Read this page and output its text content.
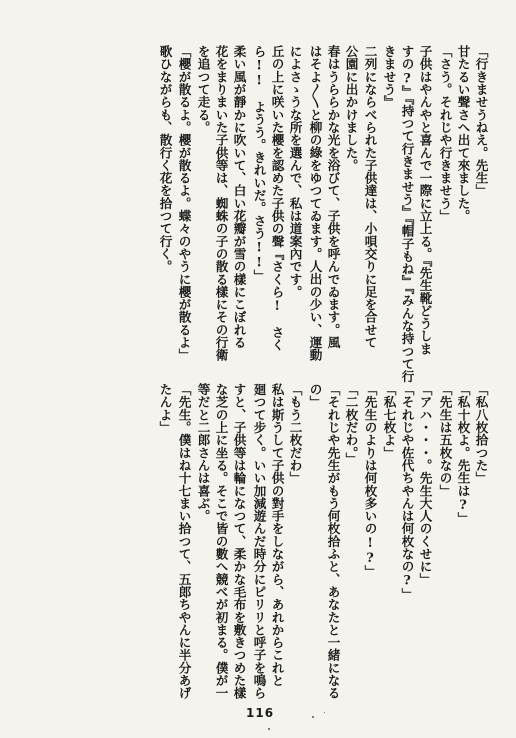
「行きませうねえ。先生」
甘たるい聲さへ出て來ました。
「さう。それじや行きませう」
子供はやんやと喜んで一際に立上る。『先生靴どうしま
すの?』『持つて行きませう』『帽子もね』『みんな持つて行
きませう』
二列にならべられた子供達は、小唄交りに足を合せて
公園に出かけました。
春はうららかな光を浴びて、子供を呼んでゐます。風
はそよ〳〵と柳の綠をゆつてゐます。人出の少い、運動
によさゝうな所を選んで、私は道案內です。
丘の上に咲いた櫻を認めた子供の聲『さくら!　さく
ら!!　ようう。きれいだ。さう!!」
柔い風が靜かに吹いて、白い花瓣が雪の樣にこぼれる
花をまりまいた子供等は、蜘蛛の子の散る樣にその行衛
を追つて走る。
「櫻が散るよ。櫻が散るよ。蝶々のやうに櫻が散るよ」
歌ひながらも、散行く花を拾つて行く。
「私八枚拾つた」
「私十枚よ。先生は?」
「先生は五枚なの」
「アハ・・・。先生大人のくせに」
「それじや佐代ちやんは何枚なの?」
「私七枚よ」
「先生のよりは何枚多いの!?」
「二枚だわ。」
「それじや先生がもう何枚拾ふと、あなたと一緒になる
の」
「もう二枚だわ」
私は斯うして子供の對手をしながら、あれからこれと
廻つて步く。いい加減遊んだ時分にピリリと呼子を鳴ら
すと、子供等は輪になつて、柔かな毛布を敷きつめた樣
な芝の上に坐る。そこで皆の數へ競べが初まる。僕が一
等だと二郎さんは喜ぶ。
「先生。僕はね十七まい拾つて、五郎ちやんに半分あげ
たんよ」
116
